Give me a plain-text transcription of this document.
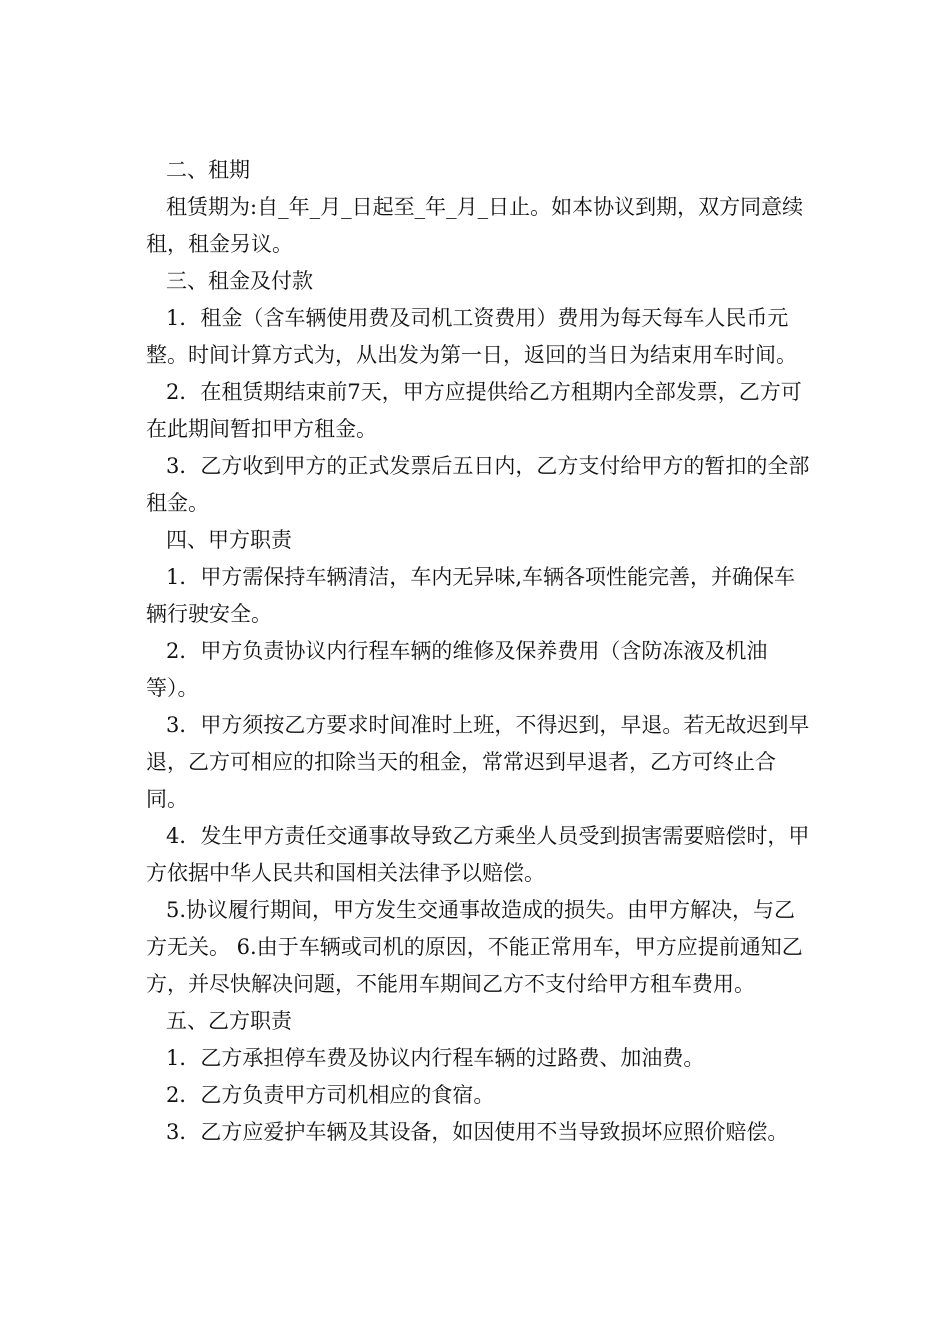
二、租期

租赁期为:自_年_月_日起至_年_月_日止。如本协议到期，双方同意续租，租金另议。

三、租金及付款

1．租金（含车辆使用费及司机工资费用）费用为每天每车人民币元整。时间计算方式为，从出发为第一日，返回的当日为结束用车时间。

2．在租赁期结束前7天，甲方应提供给乙方租期内全部发票，乙方可在此期间暂扣甲方租金。

3．乙方收到甲方的正式发票后五日内，乙方支付给甲方的暂扣的全部租金。

四、甲方职责

1．甲方需保持车辆清洁，车内无异味,车辆各项性能完善，并确保车辆行驶安全。

2．甲方负责协议内行程车辆的维修及保养费用（含防冻液及机油等）。

3．甲方须按乙方要求时间准时上班，不得迟到，早退。若无故迟到早退，乙方可相应的扣除当天的租金，常常迟到早退者，乙方可终止合同。

4．发生甲方责任交通事故导致乙方乘坐人员受到损害需要赔偿时，甲方依据中华人民共和国相关法律予以赔偿。

5.协议履行期间，甲方发生交通事故造成的损失。由甲方解决，与乙方无关。 6.由于车辆或司机的原因，不能正常用车，甲方应提前通知乙方，并尽快解决问题，不能用车期间乙方不支付给甲方租车费用。

五、乙方职责

1．乙方承担停车费及协议内行程车辆的过路费、加油费。

2．乙方负责甲方司机相应的食宿。

3．乙方应爱护车辆及其设备，如因使用不当导致损坏应照价赔偿。
